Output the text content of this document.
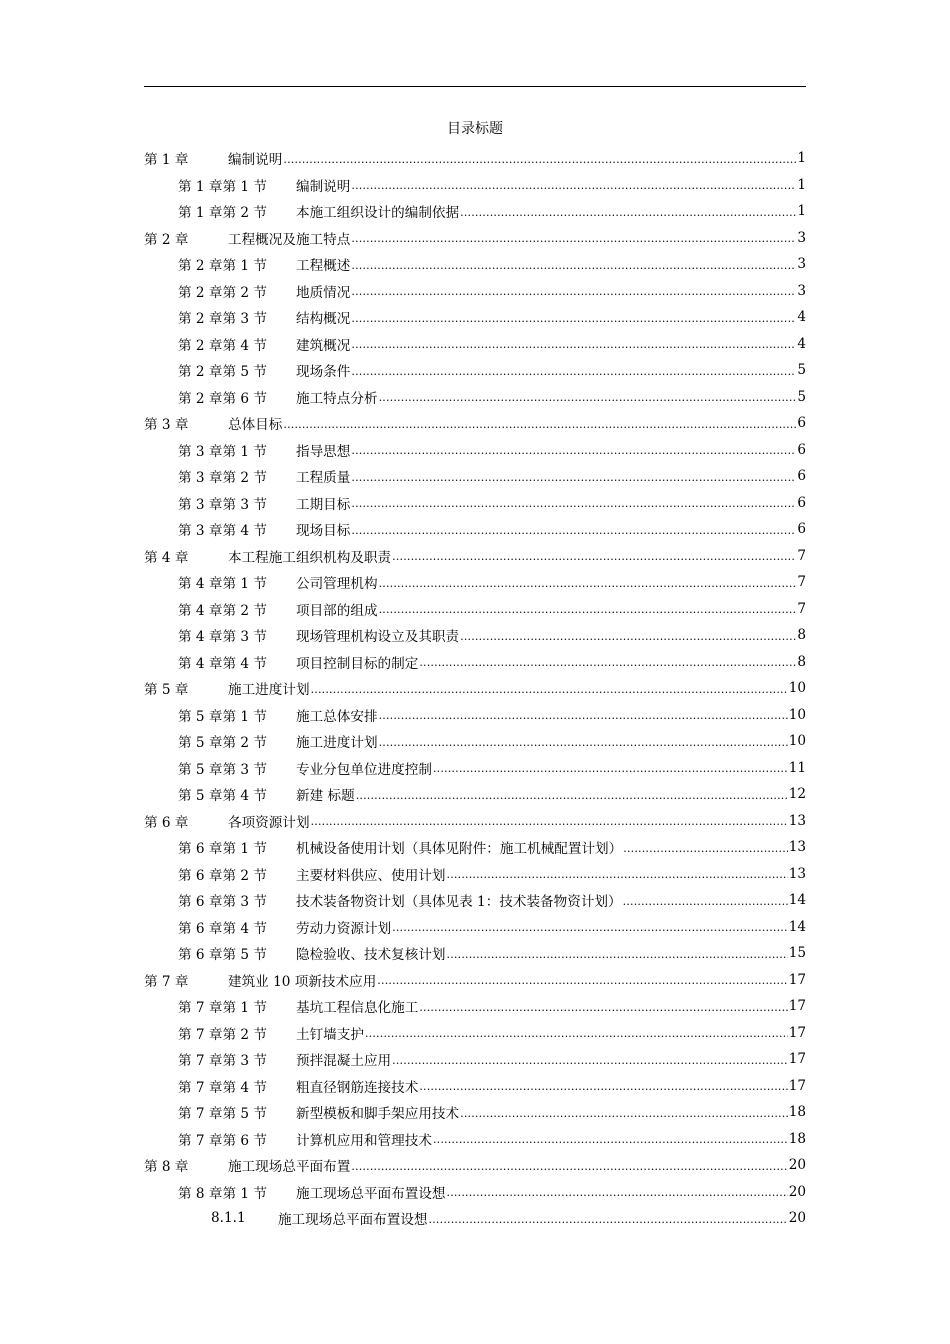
目录标题
第 1 章	编制说明 .....	1
第 1 章第 1 节	编制说明 .....	1
第 1 章第 2 节	本施工组织设计的编制依据 .....	1
第 2 章	工程概况及施工特点 .....	3
第 2 章第 1 节	工程概述 .....	3
第 2 章第 2 节	地质情况 .....	3
第 2 章第 3 节	结构概况 .....	4
第 2 章第 4 节	建筑概况 .....	4
第 2 章第 5 节	现场条件 .....	5
第 2 章第 6 节	施工特点分析 .....	5
第 3 章	总体目标 .....	6
第 3 章第 1 节	指导思想 .....	6
第 3 章第 2 节	工程质量 .....	6
第 3 章第 3 节	工期目标 .....	6
第 3 章第 4 节	现场目标 .....	6
第 4 章	本工程施工组织机构及职责 .....	7
第 4 章第 1 节	公司管理机构 .....	7
第 4 章第 2 节	项目部的组成 .....	7
第 4 章第 3 节	现场管理机构设立及其职责 .....	8
第 4 章第 4 节	项目控制目标的制定 .....	8
第 5 章	施工进度计划 .....	10
第 5 章第 1 节	施工总体安排 .....	10
第 5 章第 2 节	施工进度计划 .....	10
第 5 章第 3 节	专业分包单位进度控制 .....	11
第 5 章第 4 节	新建 标题 .....	12
第 6 章	各项资源计划 .....	13
第 6 章第 1 节	机械设备使用计划（具体见附件：施工机械配置计划） .....	13
第 6 章第 2 节	主要材料供应、使用计划 .....	13
第 6 章第 3 节	技术装备物资计划（具体见表 1：技术装备物资计划） .....	14
第 6 章第 4 节	劳动力资源计划 .....	14
第 6 章第 5 节	隐检验收、技术复核计划 .....	15
第 7 章	建筑业 10 项新技术应用 .....	17
第 7 章第 1 节	基坑工程信息化施工 .....	17
第 7 章第 2 节	土钉墙支护 .....	17
第 7 章第 3 节	预拌混凝土应用 .....	17
第 7 章第 4 节	粗直径钢筋连接技术 .....	17
第 7 章第 5 节	新型模板和脚手架应用技术 .....	18
第 7 章第 6 节	计算机应用和管理技术 .....	18
第 8 章	施工现场总平面布置 .....	20
第 8 章第 1 节	施工现场总平面布置设想 .....	20
8.1.1	施工现场总平面布置设想 .....	20
